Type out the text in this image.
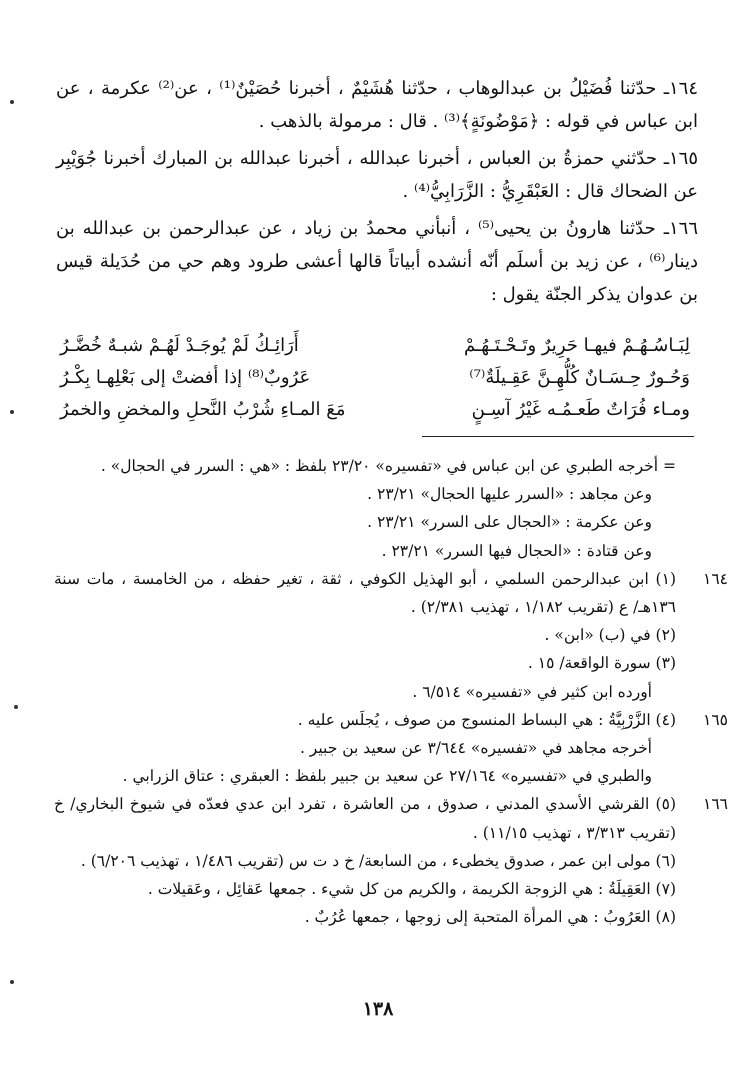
١٦٤ـ حدّثنا فُضَيْلُ بن عبدالوهاب ، حدّثنا هُشَيْمٌ ، أخبرنا حُصَيْنٌ⁽¹⁾ ، عن⁽²⁾ عكرمة ، عن ابن عباس في قوله : ﴿مَوْضُونَةٍ﴾⁽³⁾ . قال : مرمولة بالذهب .

١٦٥ـ حدّثني حمزةُ بن العباس ، أخبرنا عبدالله ، أخبرنا عبدالله بن المبارك أخبرنا جُوَيْبِر عن الضحاك قال : العَبْقَرِيُّ : الزَّرَابِيُّ⁽⁴⁾ .

١٦٦ـ حدّثنا هارونُ بن يحيى⁽⁵⁾ ، أنبأني محمدُ بن زياد ، عن عبدالرحمن بن عبدالله بن دينار⁽⁶⁾ ، عن زيد بن أسلَم أنّه أنشده أبياتاً قالها أعشى طرود وهم حي من حُدَيلة قيس بن عدوان يذكر الجنّة يقول :

لِبَـاسُـهُـمْ فيهـا حَرِيرٌ وتَـحْـتَـهُـمْ
أَرَائِـكُ لَمْ يُوجَـدْ لَهُـمْ شبـهٌ خُضَّـرُ
وَحُـورٌ حِـسَـانٌ كُلُّهِـنَّ عَقِـيلَةٌ⁽⁷⁾
عَرُوبٌ⁽⁸⁾ إذا أفضتْ إلى بَعْلِهـا بِكْـرُ
ومـاء فُرَاتٌ طَعـمُـه غَيْرُ آسِـنٍ
مَعَ المـاءِ شُرْبُ النَّحلِ والمخضِ والخمرُ
= أخرجه الطبري عن ابن عباس في «تفسيره» ٢٣/٢٠ بلفظ : «هي : السرر في الحجال» .
وعن مجاهد : «السرر عليها الحجال» ٢٣/٢١ .
وعن عكرمة : «الحجال على السرر» ٢٣/٢١ .
وعن قتادة : «الحجال فيها السرر» ٢٣/٢١ .
١٦٤
(١) ابن عبدالرحمن السلمي ، أبو الهذيل الكوفي ، ثقة ، تغير حفظه ، من الخامسة ، مات سنة ١٣٦هـ/ ع (تقريب ١/١٨٢ ، تهذيب ٢/٣٨١) .
(٢) في (ب) «ابن» .
(٣) سورة الواقعة/ ١٥ .
أورده ابن كثير في «تفسيره» ٦/٥١٤ .
١٦٥
(٤) الزَّرْبِيَّةُ : هي البساط المنسوج من صوف ، يُجلَس عليه .
أخرجه مجاهد في «تفسيره» ٣/٦٤٤ عن سعيد بن جبير .
والطبري في «تفسيره» ٢٧/١٦٤ عن سعيد بن جبير بلفظ : العبقري : عتاق الزرابي .
١٦٦
(٥) القرشي الأسدي المدني ، صدوق ، من العاشرة ، تفرد ابن عدي فعدّه في شيوخ البخاري/ خ (تقريب ٣/٣١٣ ، تهذيب ١١/١٥) .
(٦) مولى ابن عمر ، صدوق يخطىء ، من السابعة/ خ د ت س (تقريب ١/٤٨٦ ، تهذيب ٦/٢٠٦) .
(٧) العَقِيلَةُ : هي الزوجة الكريمة ، والكريم من كل شيء . جمعها عَقائِل ، وعَقيلات .
(٨) العَرُوبُ : هي المرأة المتحبة إلى زوجها ، جمعها عُرُبٌ .
١٣٨
